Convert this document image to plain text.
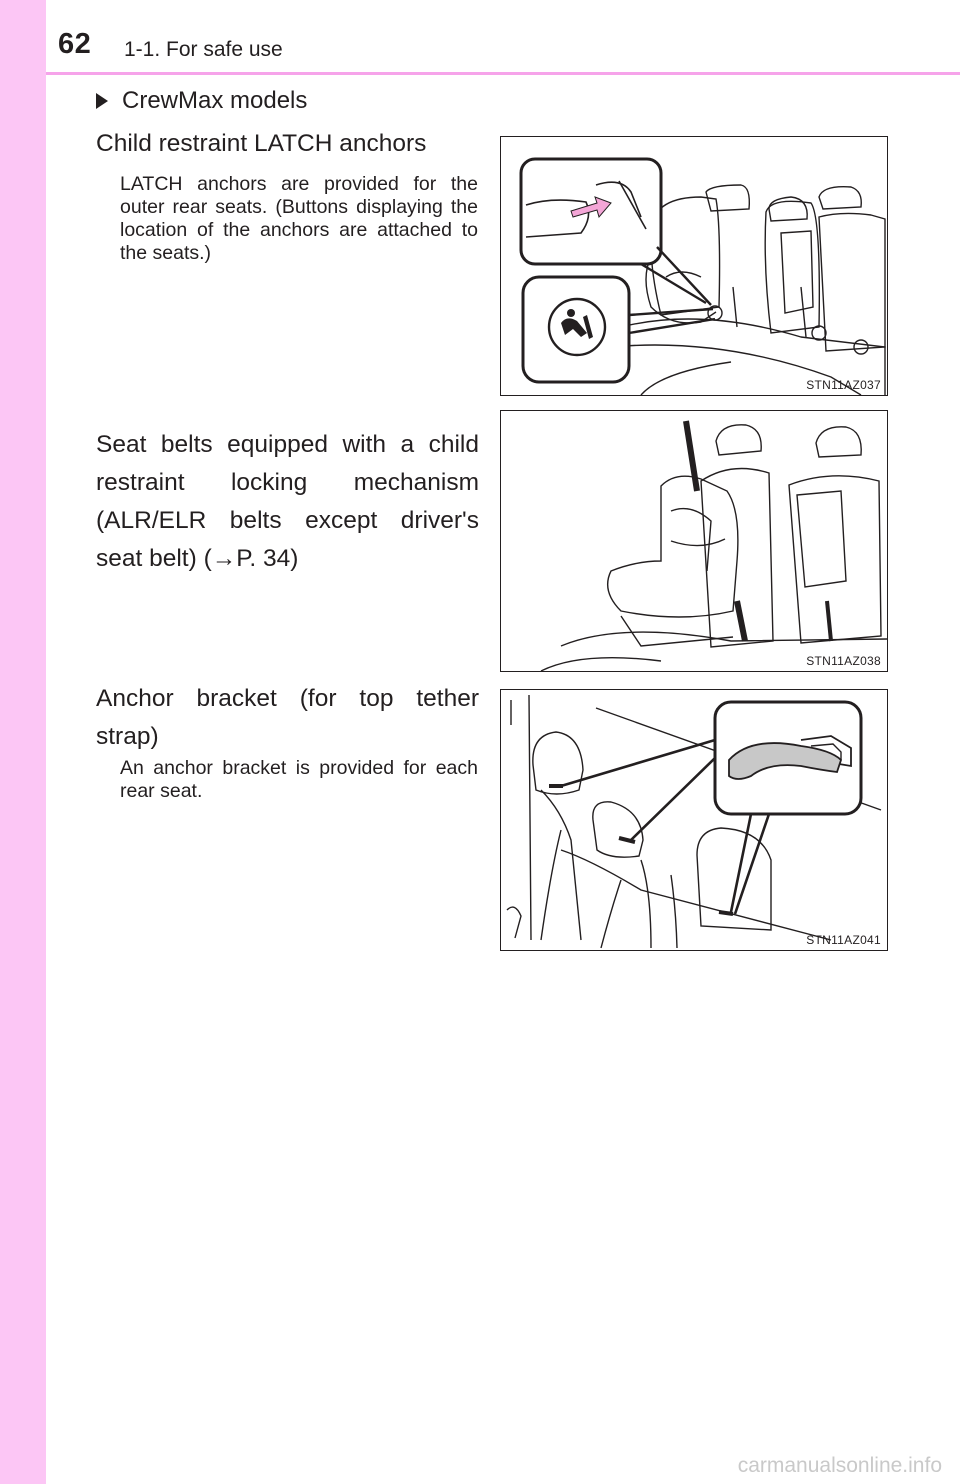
62 1-1. For safe use
CrewMax models
Child restraint LATCH anchors
LATCH anchors are provided for the outer rear seats. (Buttons displaying the location of the anchors are attached to the seats.)
STN11AZ037
Seat belts equipped with a child restraint locking mechanism (ALR/ELR belts except driver's seat belt) (→P. 34)
STN11AZ038
Anchor bracket (for top tether strap)
An anchor bracket is provided for each rear seat.
STN11AZ041
carmanualsonline.info
